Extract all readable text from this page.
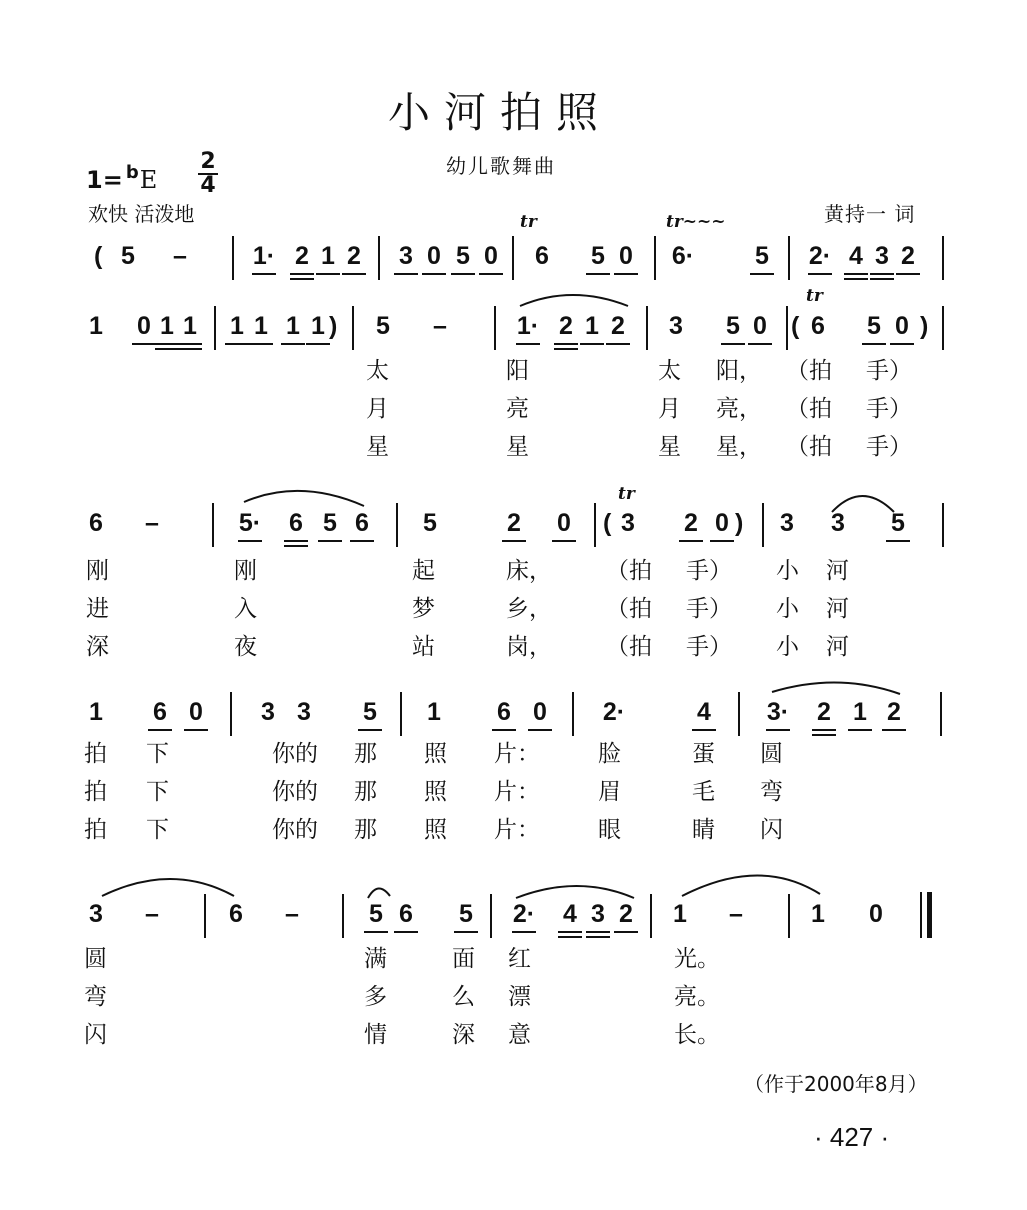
小河拍照
幼儿歌舞曲
1= $^b$E
2
4
欢快 活泼地	黄持一 词
5	–	1· 2 1 2	3 0 5 0	6	5 0	6·	5	2· 4 3 2
(
1	0 1 1	1 1 1 1	5	–	1· 2 1 2	3	5 0	6	5 0
)	(	)
6	–	5·	6 5 6	5	2	0	3	2 0	3	3	5
(	)
1	6 0	3 3	5	1	6 0	2·	4	3·	2 1 2
3	–	6	–	5 6	5	2·	4 3 2	1	–	1	0
太	阳	太 阳， （拍 手）
月	亮	月 亮， （拍 手）
星	星	星 星， （拍 手）
刚	刚	起	床， （拍 手） 小 河
进	入	梦	乡， （拍 手） 小 河
深	夜	站	岗， （拍 手） 小 河
拍 下	你的 那 照 片：	脸	蛋 圆
拍 下	你的 那 照 片：	眉	毛 弯
拍 下	你的 那 照 片：	眼	睛 闪
圆	满	面 红	光。
弯	多	么 漂	亮。
闪	情	深 意	长。
tr	tr~~~
tr
tr
（作于2000年8月）
· 427 ·
